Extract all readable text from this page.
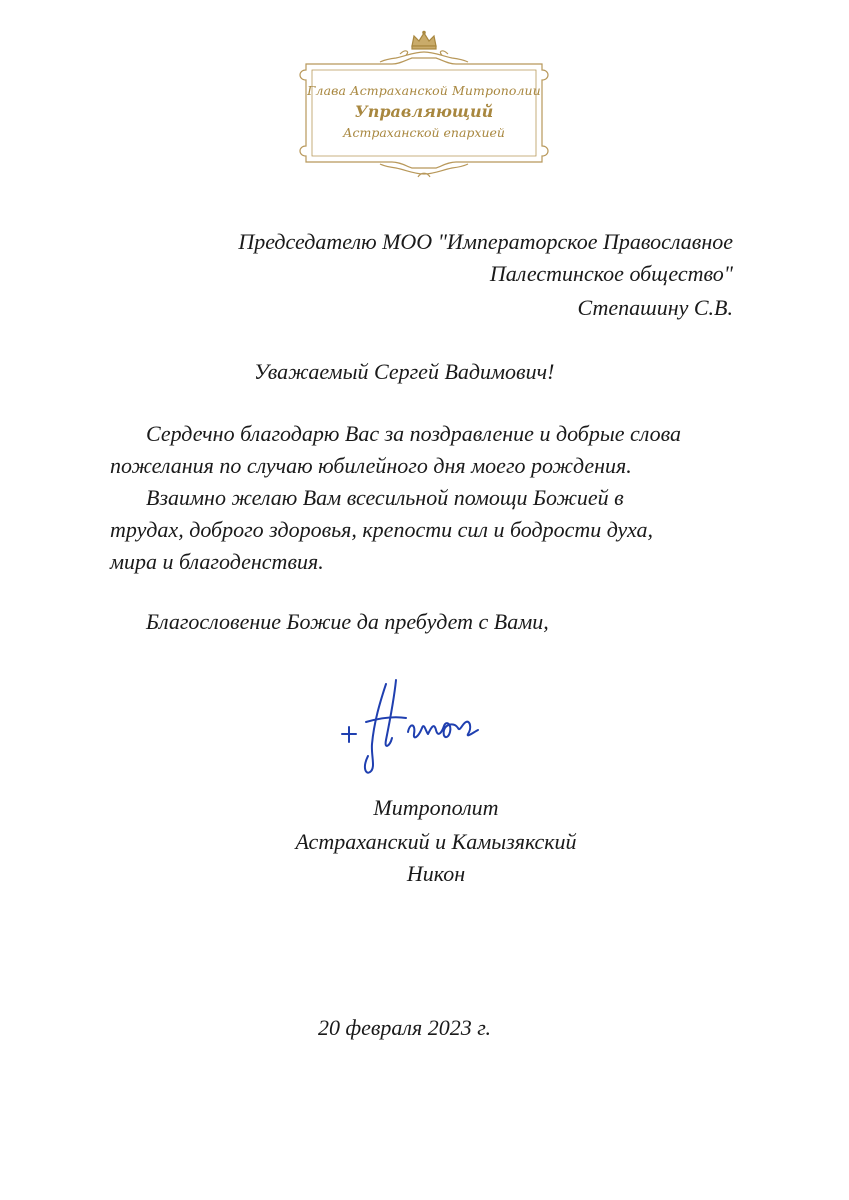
Глава Астраханской Митрополии
Управляющий
Астраханской епархией
Председателю МОО "Императорское Православное
Палестинское общество"
Степашину С.В.
Уважаемый Сергей Вадимович!
Сердечно благодарю Вас за поздравление и добрые слова
пожелания по случаю юбилейного дня моего рождения.
Взаимно желаю Вам всесильной помощи Божией в
трудах, доброго здоровья, крепости сил и бодрости духа,
мира и благоденствия.
Благословение Божие да пребудет с Вами,
Митрополит
Астраханский и Камызякский
Никон
20 февраля 2023 г.
